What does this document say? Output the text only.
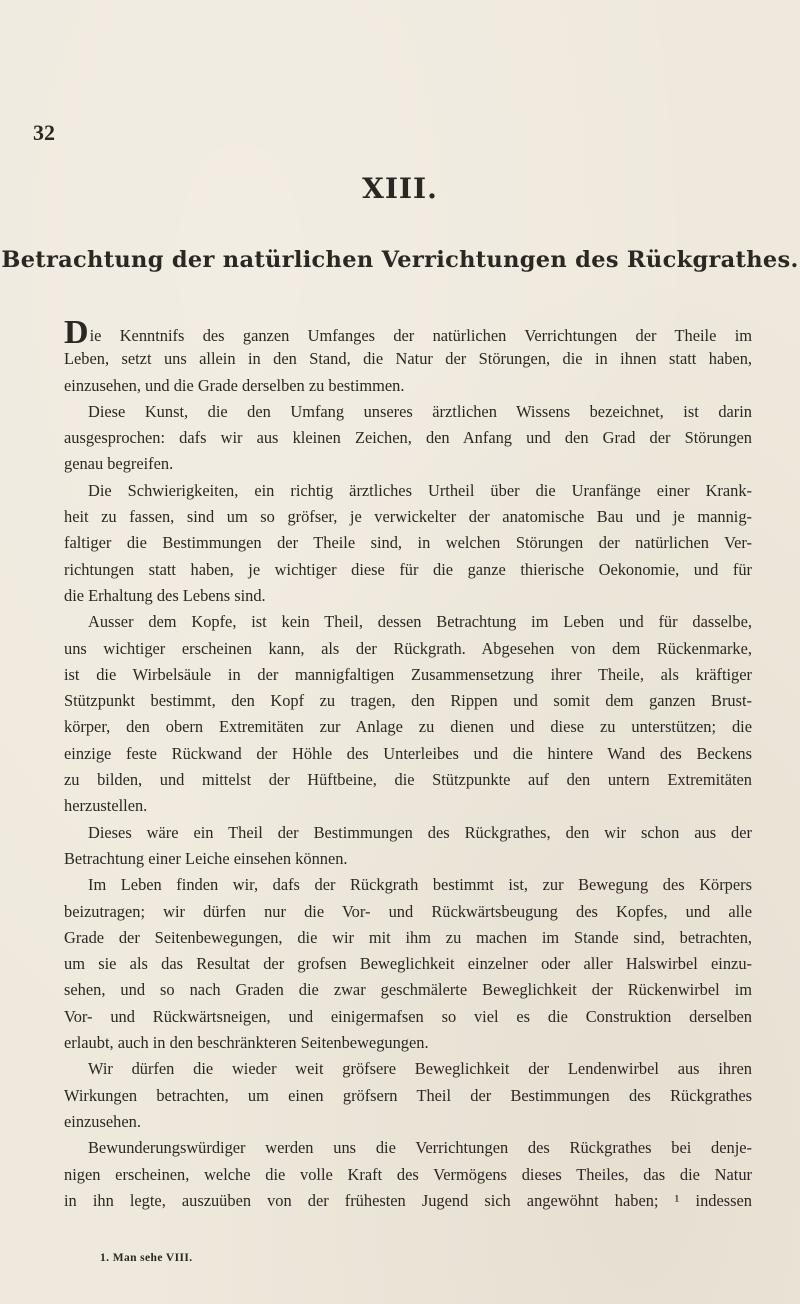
32
XIII.
Betrachtung der natürlichen Verrichtungen des Rückgrathes.
Die Kenntnifs des ganzen Umfanges der natürlichen Verrichtungen der Theile im
Leben, setzt uns allein in den Stand, die Natur der Störungen, die in ihnen statt haben,
einzusehen, und die Grade derselben zu bestimmen.
Diese Kunst, die den Umfang unseres ärztlichen Wissens bezeichnet, ist darin
ausgesprochen: dafs wir aus kleinen Zeichen, den Anfang und den Grad der Störungen
genau begreifen.
Die Schwierigkeiten, ein richtig ärztliches Urtheil über die Uranfänge einer Krank-
heit zu fassen, sind um so gröfser, je verwickelter der anatomische Bau und je mannig-
faltiger die Bestimmungen der Theile sind, in welchen Störungen der natürlichen Ver-
richtungen statt haben, je wichtiger diese für die ganze thierische Oekonomie, und für
die Erhaltung des Lebens sind.
Ausser dem Kopfe, ist kein Theil, dessen Betrachtung im Leben und für dasselbe,
uns wichtiger erscheinen kann, als der Rückgrath. Abgesehen von dem Rückenmarke,
ist die Wirbelsäule in der mannigfaltigen Zusammensetzung ihrer Theile, als kräftiger
Stützpunkt bestimmt, den Kopf zu tragen, den Rippen und somit dem ganzen Brust-
körper, den obern Extremitäten zur Anlage zu dienen und diese zu unterstützen; die
einzige feste Rückwand der Höhle des Unterleibes und die hintere Wand des Beckens
zu bilden, und mittelst der Hüftbeine, die Stützpunkte auf den untern Extremitäten
herzustellen.
Dieses wäre ein Theil der Bestimmungen des Rückgrathes, den wir schon aus der
Betrachtung einer Leiche einsehen können.
Im Leben finden wir, dafs der Rückgrath bestimmt ist, zur Bewegung des Körpers
beizutragen; wir dürfen nur die Vor- und Rückwärtsbeugung des Kopfes, und alle
Grade der Seitenbewegungen, die wir mit ihm zu machen im Stande sind, betrachten,
um sie als das Resultat der grofsen Beweglichkeit einzelner oder aller Halswirbel einzu-
sehen, und so nach Graden die zwar geschmälerte Beweglichkeit der Rückenwirbel im
Vor- und Rückwärtsneigen, und einigermafsen so viel es die Construktion derselben
erlaubt, auch in den beschränkteren Seitenbewegungen.
Wir dürfen die wieder weit gröfsere Beweglichkeit der Lendenwirbel aus ihren
Wirkungen betrachten, um einen gröfsern Theil der Bestimmungen des Rückgrathes
einzusehen.
Bewunderungswürdiger werden uns die Verrichtungen des Rückgrathes bei denje-
nigen erscheinen, welche die volle Kraft des Vermögens dieses Theiles, das die Natur
in ihn legte, auszuüben von der frühesten Jugend sich angewöhnt haben; ¹ indessen
1. Man sehe VIII.
